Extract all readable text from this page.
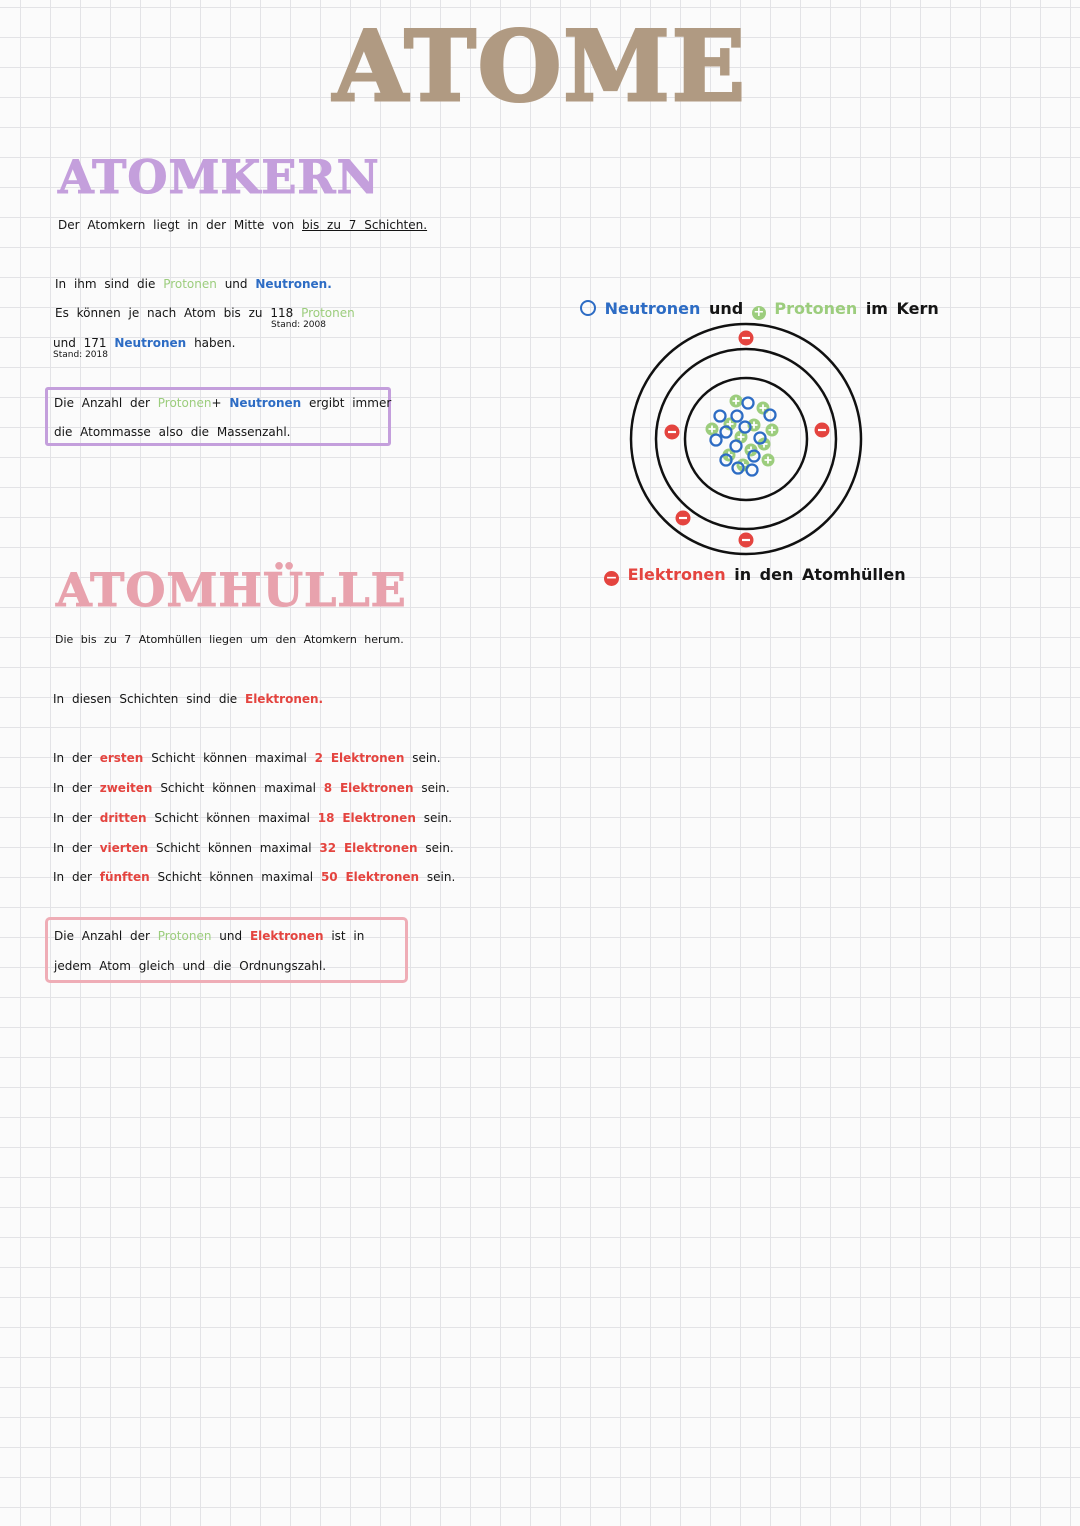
ATOME
ATOMKERN
Der Atomkern liegt in der Mitte von bis zu 7 Schichten.
In ihm sind die Protonen und Neutronen.
Es können je nach Atom bis zu 118 Protonen
Stand: 2008
und 171 Neutronen haben.
Stand: 2018
Die Anzahl der Protonen+ Neutronen ergibt immer
die Atommasse also die Massenzahl.
ATOMHÜLLE
Die bis zu 7 Atomhüllen liegen um den Atomkern herum.
In diesen Schichten sind die Elektronen.
In der ersten Schicht können maximal 2 Elektronen sein.
In der zweiten Schicht können maximal 8 Elektronen sein.
In der dritten Schicht können maximal 18 Elektronen sein.
In der vierten Schicht können maximal 32 Elektronen sein.
In der fünften Schicht können maximal 50 Elektronen sein.
Die Anzahl der Protonen und Elektronen ist in
jedem Atom gleich und die Ordnungszahl.
Neutronen und + Protonen im Kern
− Elektronen in den Atomhüllen
